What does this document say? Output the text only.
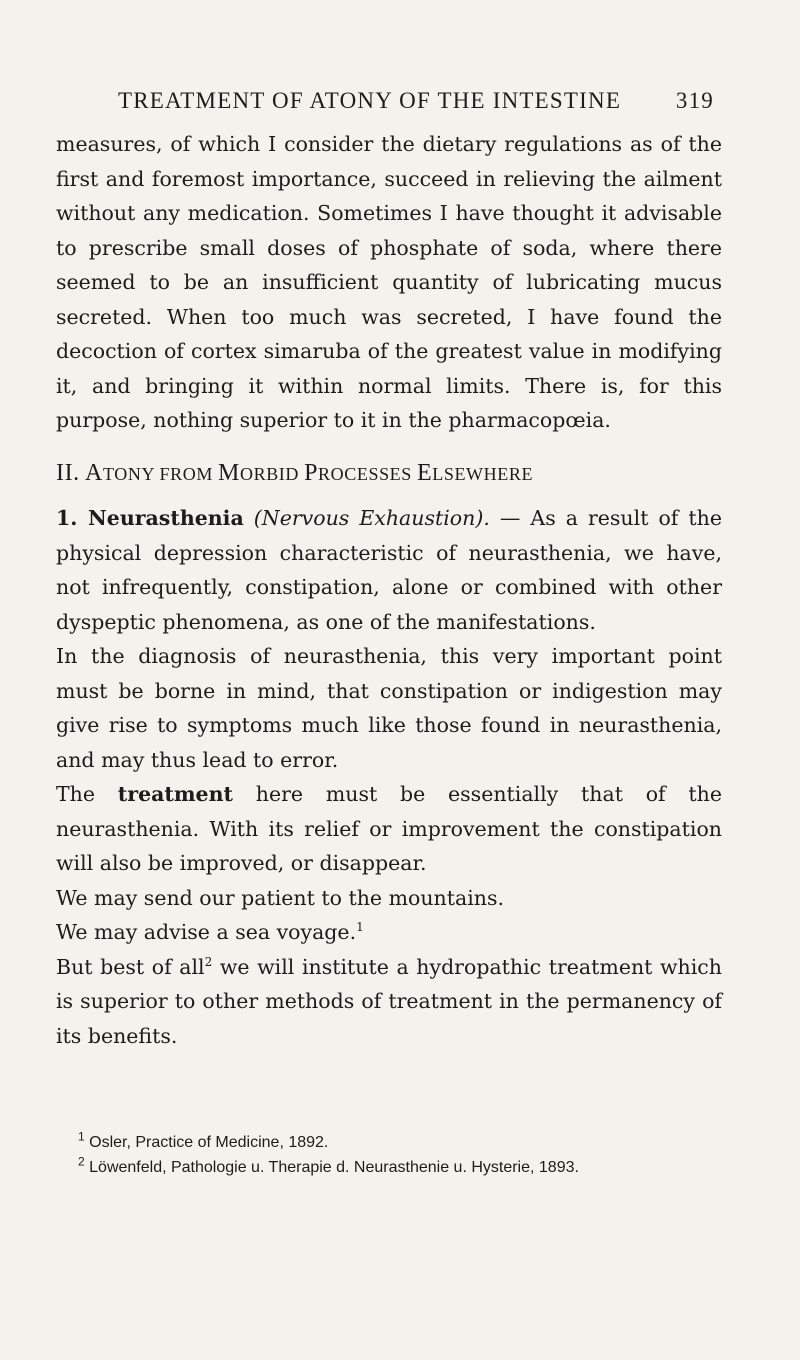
TREATMENT OF ATONY OF THE INTESTINE 319

measures, of which I consider the dietary regulations as of the first and foremost importance, succeed in relieving the ailment without any medication. Sometimes I have thought it advisable to prescribe small doses of phosphate of soda, where there seemed to be an insufficient quantity of lubricating mucus secreted. When too much was secreted, I have found the decoction of cortex simaruba of the greatest value in modifying it, and bringing it within normal limits. There is, for this purpose, nothing superior to it in the pharmacopœia.

II. ATONY FROM MORBID PROCESSES ELSEWHERE

1. Neurasthenia (Nervous Exhaustion). — As a result of the physical depression characteristic of neurasthenia, we have, not infrequently, constipation, alone or combined with other dyspeptic phenomena, as one of the manifestations.

In the diagnosis of neurasthenia, this very important point must be borne in mind, that constipation or indigestion may give rise to symptoms much like those found in neurasthenia, and may thus lead to error.

The treatment here must be essentially that of the neurasthenia. With its relief or improvement the constipation will also be improved, or disappear.

We may send our patient to the mountains.

We may advise a sea voyage.$^1$

But best of all$^2$ we will institute a hydropathic treatment which is superior to other methods of treatment in the permanency of its benefits.

$^1$ Osler, Practice of Medicine, 1892.

$^2$ Löwenfeld, Pathologie u. Therapie d. Neurasthenie u. Hysterie, 1893.
